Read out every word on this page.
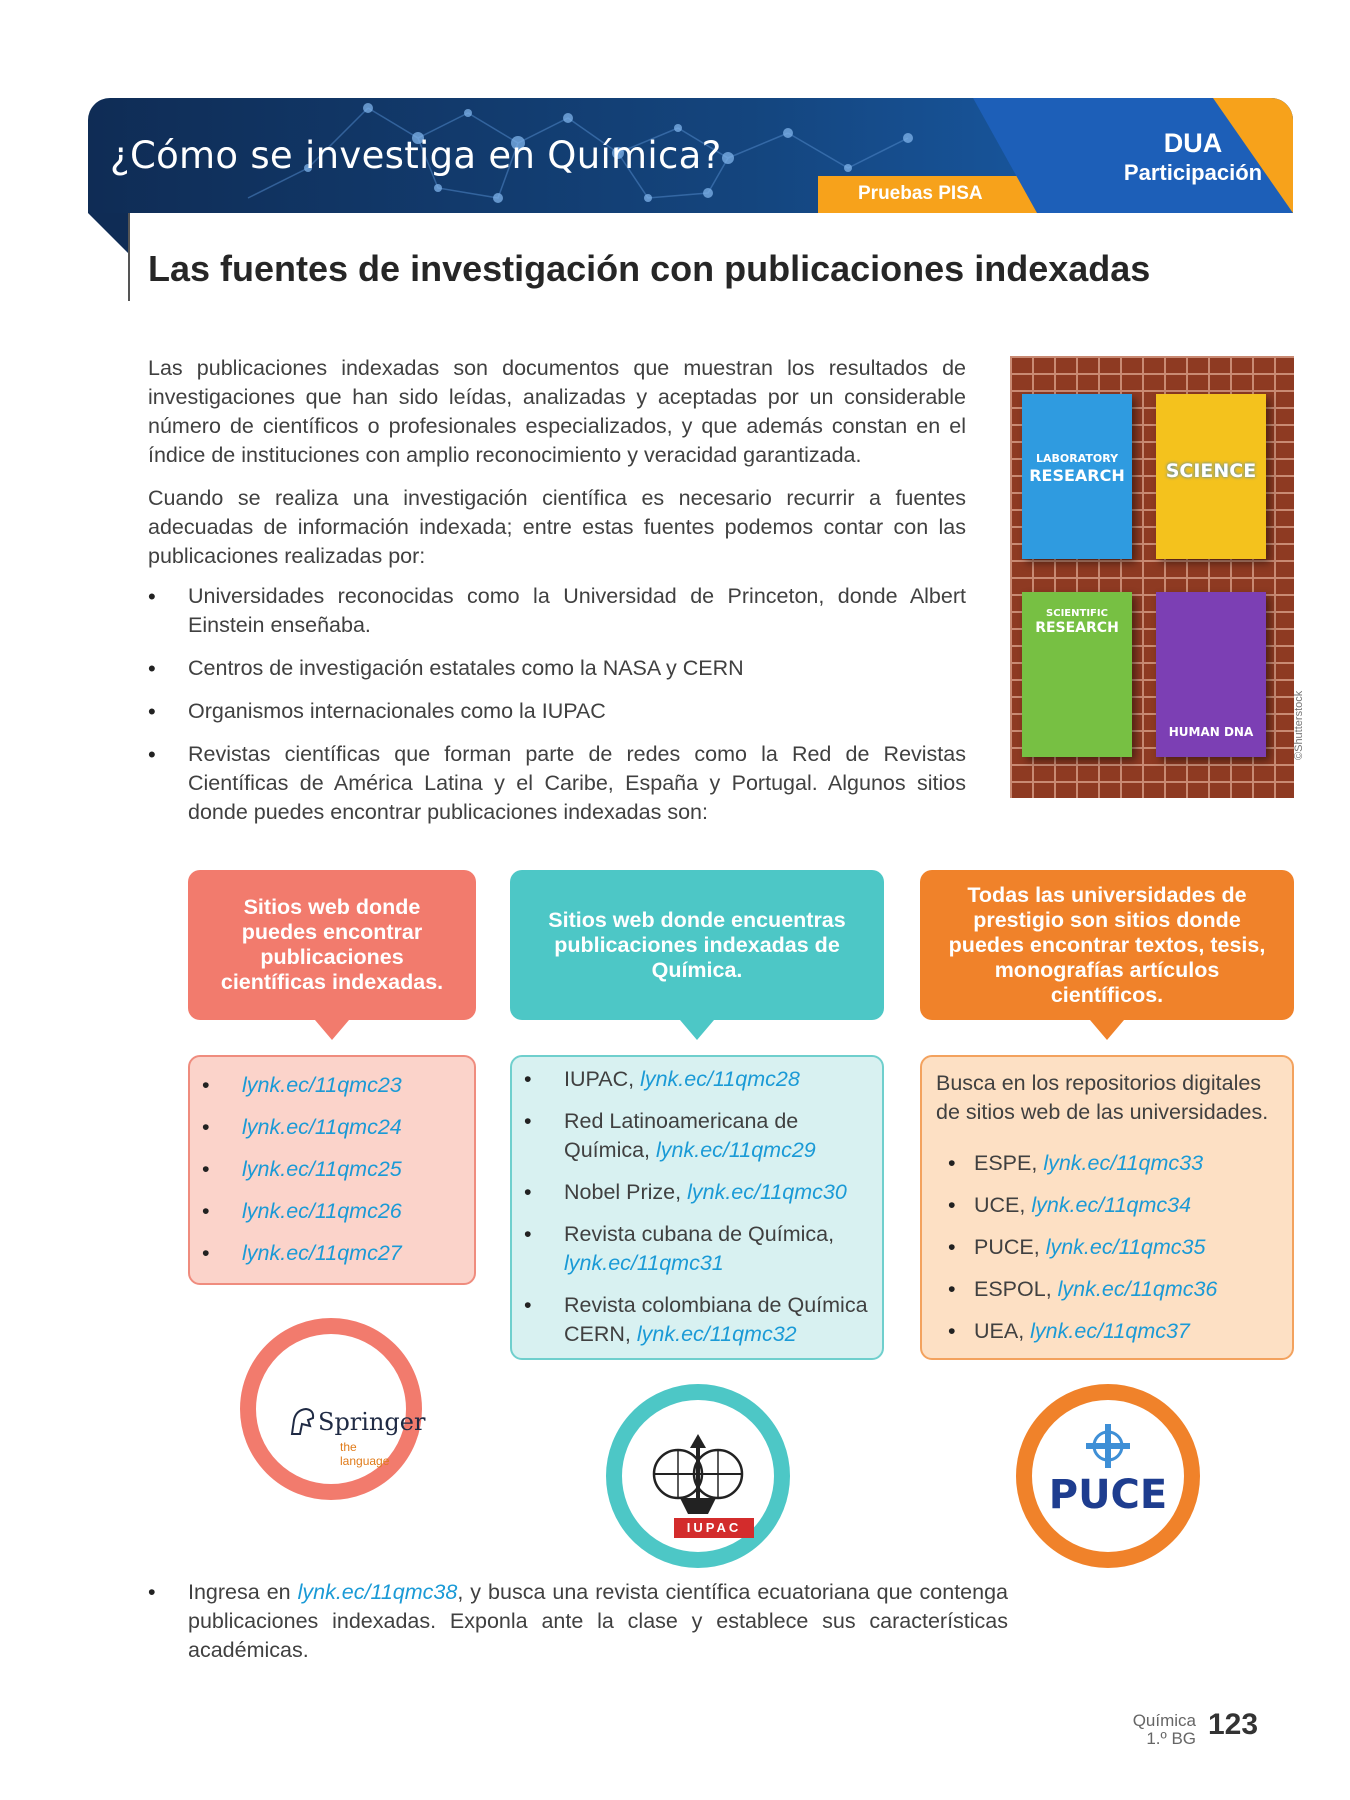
¿Cómo se investiga en Química?
Pruebas PISA
DUA
Participación
Las fuentes de investigación con publicaciones indexadas

Las publicaciones indexadas son documentos que muestran los resultados de investigaciones que han sido leídas, analizadas y aceptadas por un considerable número de científicos o profesionales especializados, y que además constan en el índice de instituciones con amplio reconocimiento y veracidad garantizada.

Cuando se realiza una investigación científica es necesario recurrir a fuentes adecuadas de información indexada; entre estas fuentes podemos contar con las publicaciones realizadas por:

• Universidades reconocidas como la Universidad de Princeton, donde Albert Einstein enseñaba.
• Centros de investigación estatales como la NASA y CERN
• Organismos internacionales como la IUPAC
• Revistas científicas que forman parte de redes como la Red de Revistas Científicas de América Latina y el Caribe, España y Portugal. Algunos sitios donde puedes encontrar publicaciones indexadas son:
LABORATORY
RESEARCH	SCIENCE
SCIENTIFIC
RESEARCH
HUMAN DNA	©Shutterstock
Sitios web donde puedes encontrar publicaciones científicas indexadas.
• lynk.ec/11qmc23
• lynk.ec/11qmc24
• lynk.ec/11qmc25
• lynk.ec/11qmc26
• lynk.ec/11qmc27
Sitios web donde encuentras publicaciones indexadas de Química.
• IUPAC, lynk.ec/11qmc28
• Red Latinoamericana de Química, lynk.ec/11qmc29
• Nobel Prize, lynk.ec/11qmc30
• Revista cubana de Química, lynk.ec/11qmc31
• Revista colombiana de Química CERN, lynk.ec/11qmc32
Todas las universidades de prestigio son sitios donde puedes encontrar textos, tesis, monografías artículos científicos.

Busca en los repositorios digitales de sitios web de las universidades.

• ESPE, lynk.ec/11qmc33
• UCE, lynk.ec/11qmc34
• PUCE, lynk.ec/11qmc35
• ESPOL, lynk.ec/11qmc36
• UEA, lynk.ec/11qmc37
Springer
the language
IUPAC
PUCE
• Ingresa en lynk.ec/11qmc38, y busca una revista científica ecuatoriana que contenga publicaciones indexadas. Exponla ante la clase y establece sus características académicas.
Química
1.º BG 123
